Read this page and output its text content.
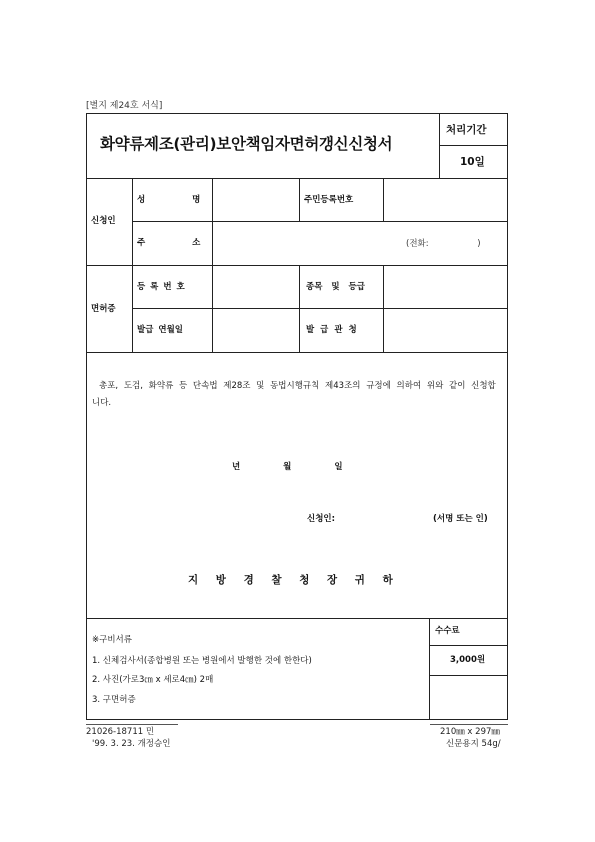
[별지 제24호 서식]
화약류제조(관리)보안책임자면허갱신신청서
처리기간
10일
신청인
성 명	주민등록번호
주 소	(전화: )
면허증
등 록 번 호	종목 및 등급
발급 연월일	발 급 관 청
총포, 도검, 화약류 등 단속법 제28조 및 동법시행규칙 제43조의 규정에 의하여 위와 같이 신청합니다.
년 월 일
신청인:	(서명 또는 인)
지 방 경 찰 청 장 귀 하
※구비서류
1. 신체검사서(종합병원 또는 병원에서 발행한 것에 한한다)
2. 사진(가로3㎝ x 세로4㎝) 2매
3. 구면허증
수수료
3,000원
21026-18711 민
'99. 3. 23. 개정승인
210㎜ x 297㎜
신문용지 54g/
